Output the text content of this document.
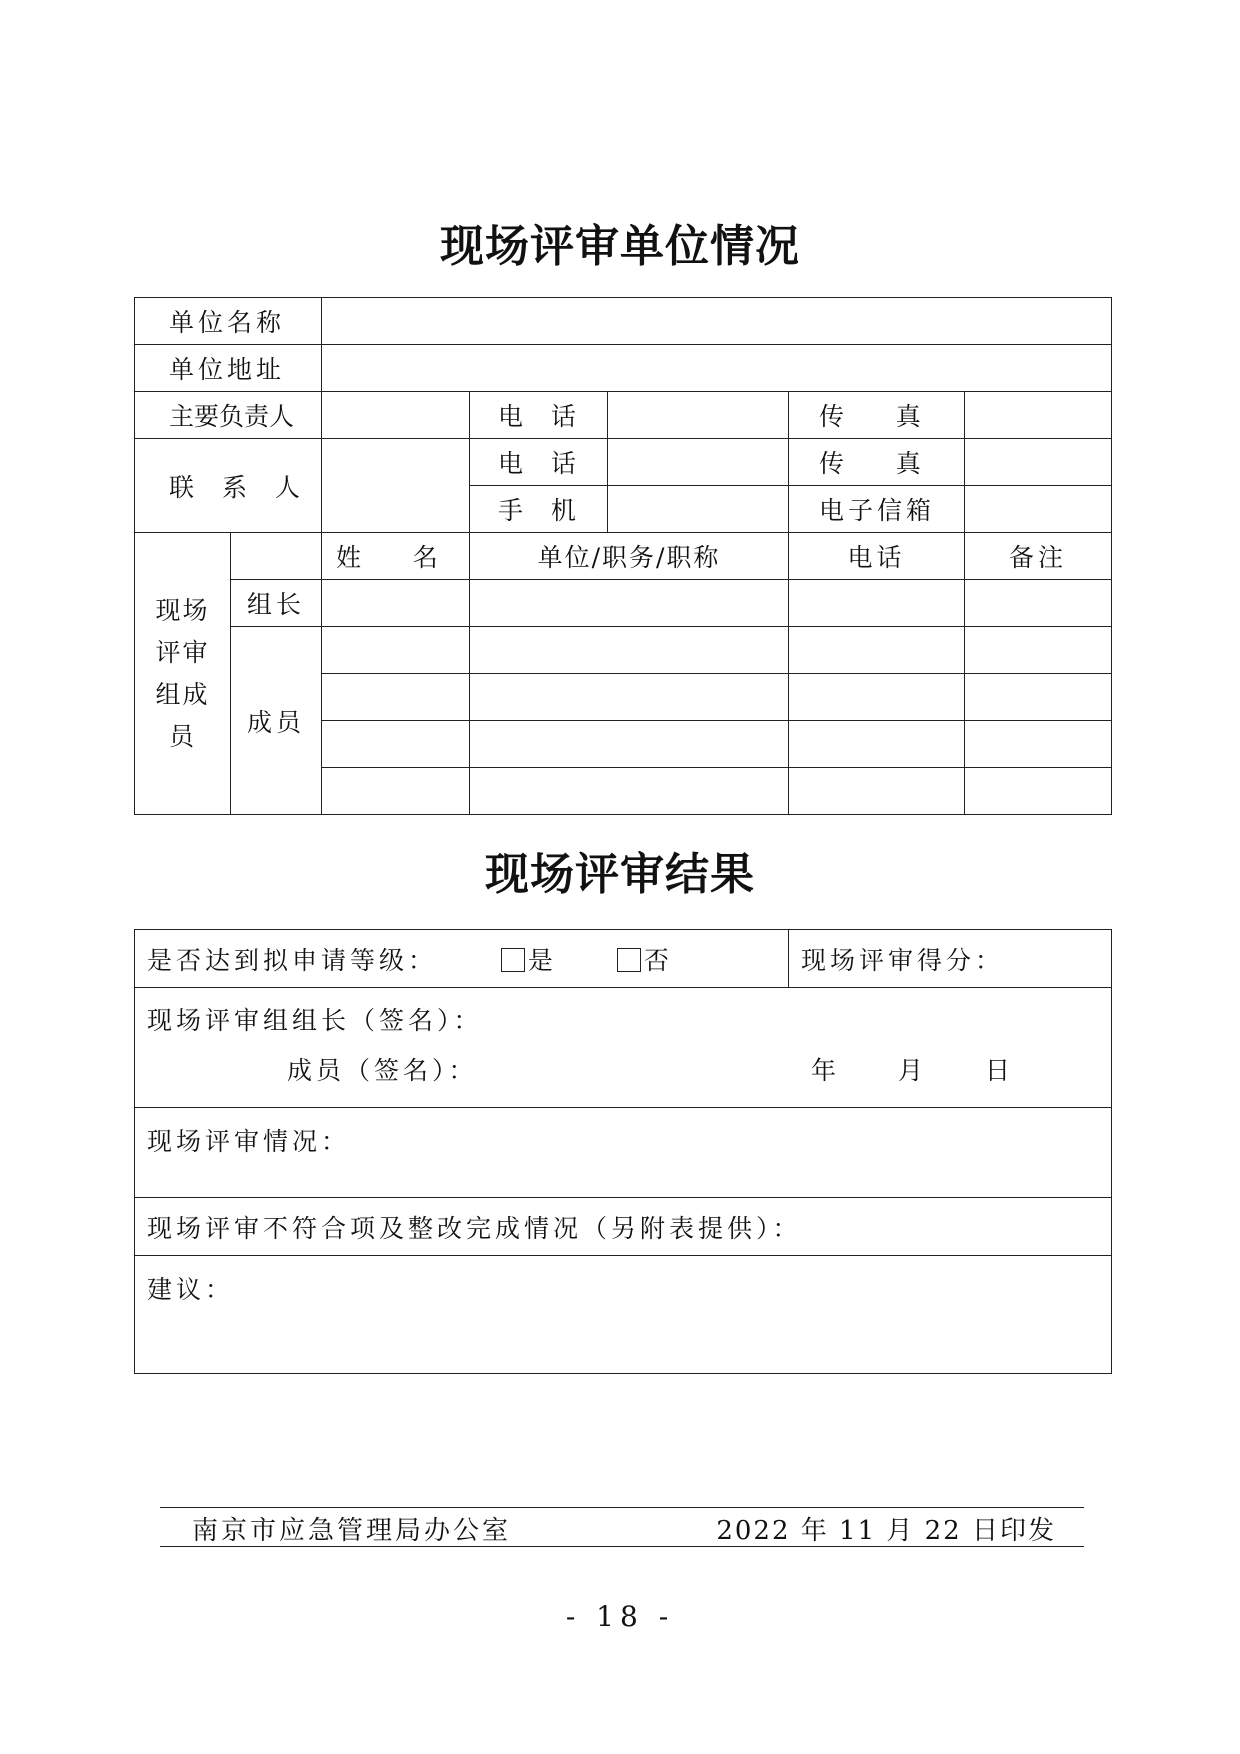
现场评审单位情况
单位名称						
单位地址						
主要负责人			电  话		传    真	
联 系 人			电  话		传    真	
			手  机		电子信箱	

现场评审组成员		姓    名	单位/职务/职称		电话	备注
	组长					
	成员					

现场评审结果
是否达到拟申请等级：	是	否	现场评审得分：

现场评审组组长（签名）：
成员（签名）：	年 月 日

现场评审情况：
现场评审不符合项及整改完成情况（另附表提供）：
建议：
南京市应急管理局办公室	2022 年 11 月 22 日印发
- 18 -
